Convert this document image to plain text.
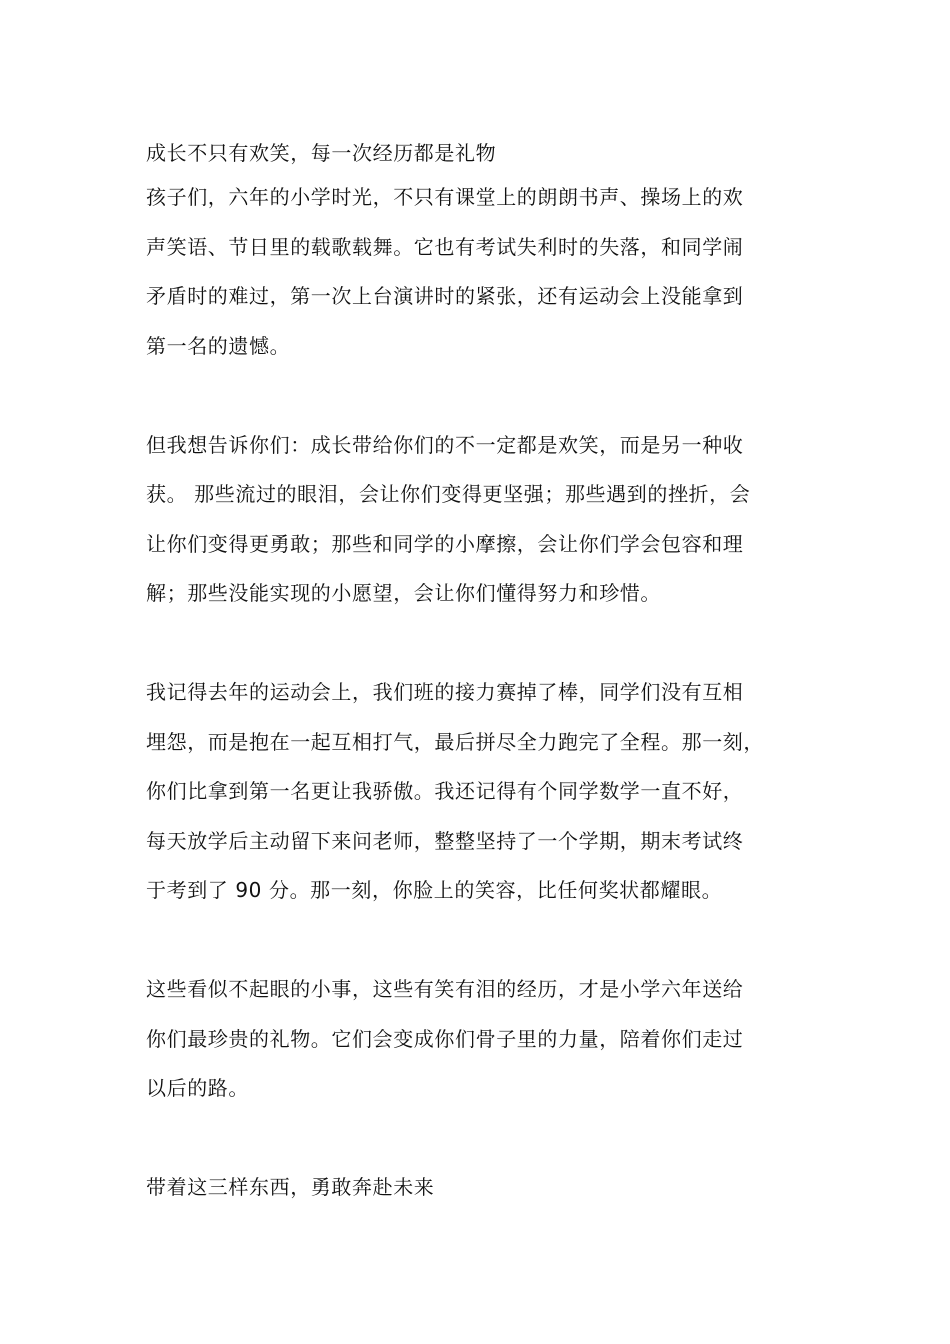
成长不只有欢笑，每一次经历都是礼物
孩子们，六年的小学时光，不只有课堂上的朗朗书声、操场上的欢
声笑语、节日里的载歌载舞。它也有考试失利时的失落，和同学闹
矛盾时的难过，第一次上台演讲时的紧张，还有运动会上没能拿到
第一名的遗憾。
但我想告诉你们：成长带给你们的不一定都是欢笑，而是另一种收
获。 那些流过的眼泪，会让你们变得更坚强；那些遇到的挫折，会
让你们变得更勇敢；那些和同学的小摩擦，会让你们学会包容和理
解；那些没能实现的小愿望，会让你们懂得努力和珍惜。
我记得去年的运动会上，我们班的接力赛掉了棒，同学们没有互相
埋怨，而是抱在一起互相打气，最后拼尽全力跑完了全程。那一刻，
你们比拿到第一名更让我骄傲。我还记得有个同学数学一直不好，
每天放学后主动留下来问老师，整整坚持了一个学期，期末考试终
于考到了 90 分。那一刻，你脸上的笑容，比任何奖状都耀眼。
这些看似不起眼的小事，这些有笑有泪的经历，才是小学六年送给
你们最珍贵的礼物。它们会变成你们骨子里的力量，陪着你们走过
以后的路。
带着这三样东西，勇敢奔赴未来
